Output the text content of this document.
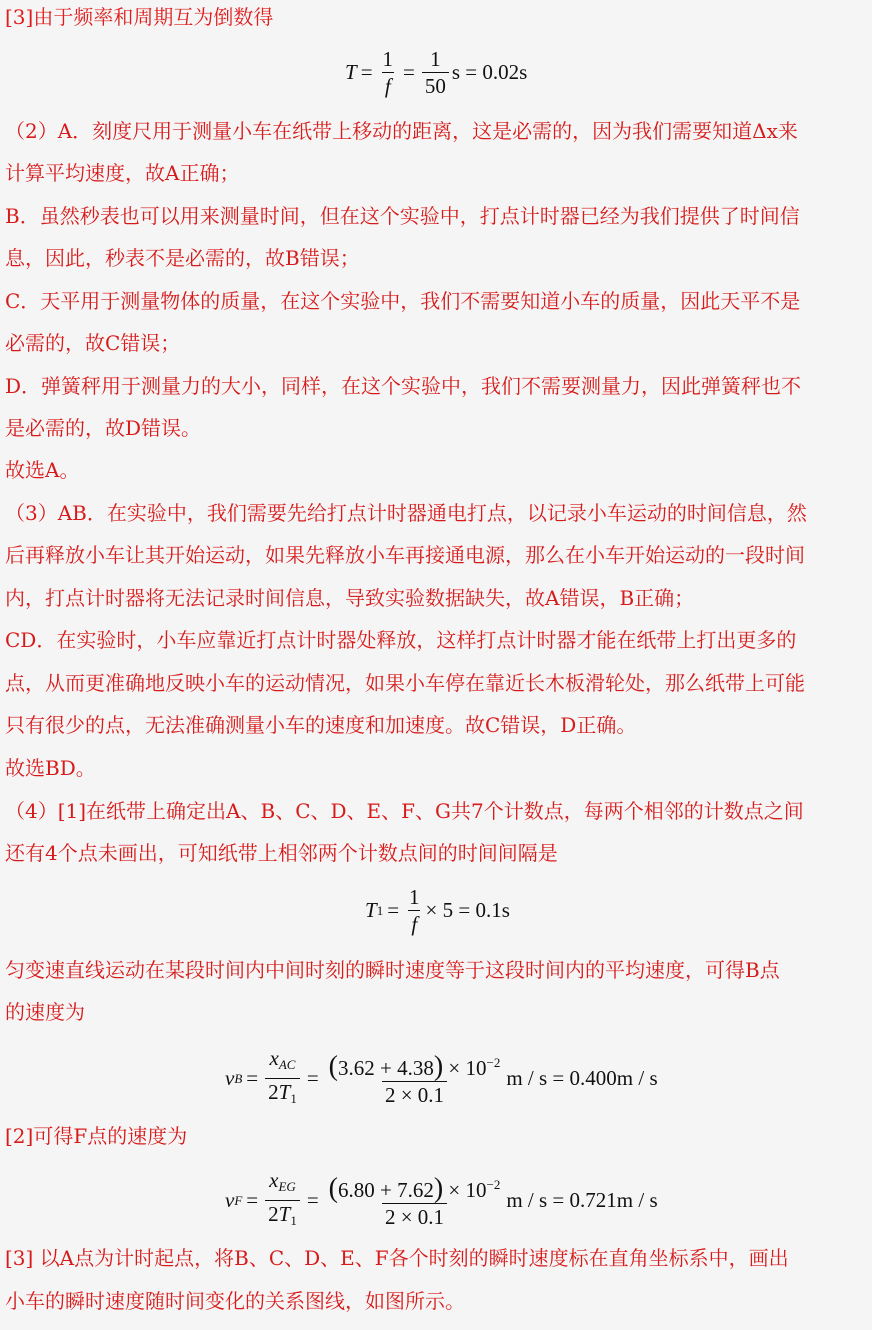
[3]由于频率和周期互为倒数得

$T = \frac{1}{f} = \frac{1}{50}$ s = 0.02s

（2）A．刻度尺用于测量小车在纸带上移动的距离，这是必需的，因为我们需要知道Δx来

计算平均速度，故A正确；

B．虽然秒表也可以用来测量时间，但在这个实验中，打点计时器已经为我们提供了时间信

息，因此，秒表不是必需的，故B错误；

C．天平用于测量物体的质量，在这个实验中，我们不需要知道小车的质量，因此天平不是

必需的，故C错误；

D．弹簧秤用于测量力的大小，同样，在这个实验中，我们不需要测量力，因此弹簧秤也不

是必需的，故D错误。

故选A。

（3）AB．在实验中，我们需要先给打点计时器通电打点，以记录小车运动的时间信息，然

后再释放小车让其开始运动，如果先释放小车再接通电源，那么在小车开始运动的一段时间

内，打点计时器将无法记录时间信息，导致实验数据缺失，故A错误，B正确；

CD．在实验时，小车应靠近打点计时器处释放，这样打点计时器才能在纸带上打出更多的

点，从而更准确地反映小车的运动情况，如果小车停在靠近长木板滑轮处，那么纸带上可能

只有很少的点，无法准确测量小车的速度和加速度。故C错误，D正确。

故选BD。

（4）[1]在纸带上确定出A、B、C、D、E、F、G共7个计数点，每两个相邻的计数点之间

还有4个点未画出，可知纸带上相邻两个计数点间的时间间隔是

T $1 = \frac{1}{f} \times 5 = 0.1s$

匀变速直线运动在某段时间内中间时刻的瞬时速度等于这段时间内的平均速度，可得B点

的速度为

v $B = \frac{x_{AC}}{2T_1} = \frac{(3.62 + 4.38) \times 10^{-2}}{2 \times 0.1}$ m / s = 0.400m / s

[2]可得F点的速度为

v $F = \frac{x_{EG}}{2T_1} = \frac{(6.80 + 7.62) \times 10^{-2}}{2 \times 0.1}$ m / s = 0.721m / s

[3] 以A点为计时起点，将B、C、D、E、F各个时刻的瞬时速度标在直角坐标系中，画出

小车的瞬时速度随时间变化的关系图线，如图所示。
